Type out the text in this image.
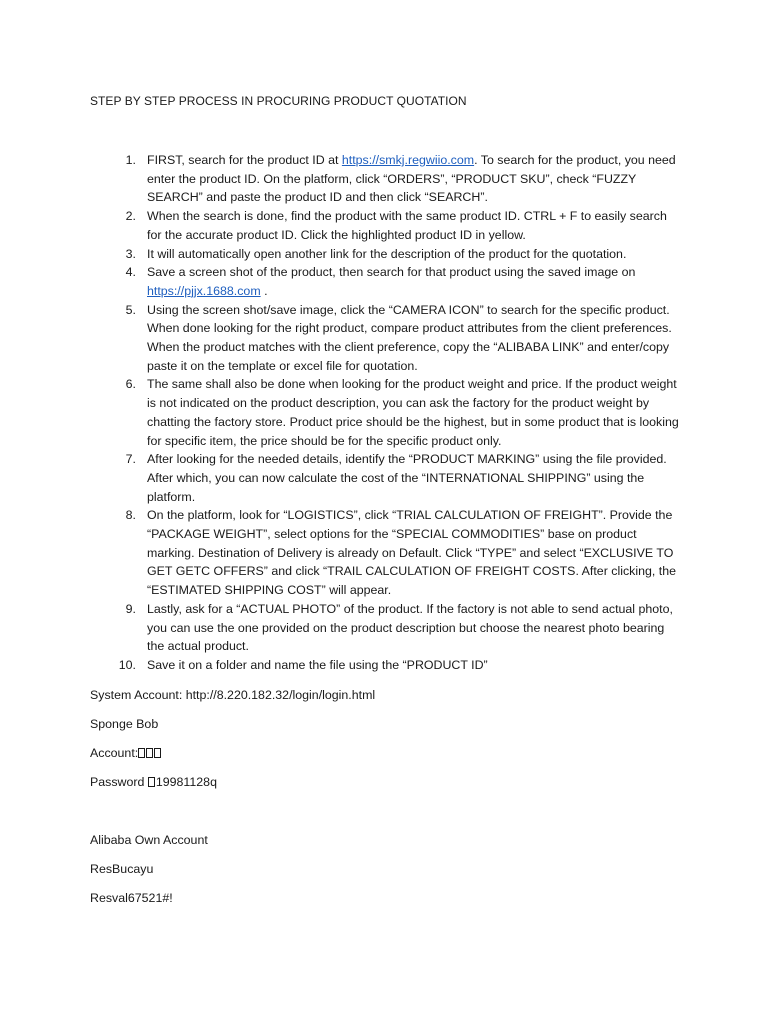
STEP BY STEP PROCESS IN PROCURING PRODUCT QUOTATION
1. FIRST, search for the product ID at https://smkj.regwiio.com. To search for the product, you need enter the product ID. On the platform, click “ORDERS”, “PRODUCT SKU”, check “FUZZY SEARCH” and paste the product ID and then click “SEARCH”.
2. When the search is done, find the product with the same product ID. CTRL + F to easily search for the accurate product ID. Click the highlighted product ID in yellow.
3. It will automatically open another link for the description of the product for the quotation.
4. Save a screen shot of the product, then search for that product using the saved image on https://pjjx.1688.com .
5. Using the screen shot/save image, click the “CAMERA ICON” to search for the specific product. When done looking for the right product, compare product attributes from the client preferences. When the product matches with the client preference, copy the “ALIBABA LINK” and enter/copy paste it on the template or excel file for quotation.
6. The same shall also be done when looking for the product weight and price. If the product weight is not indicated on the product description, you can ask the factory for the product weight by chatting the factory store. Product price should be the highest, but in some product that is looking for specific item, the price should be for the specific product only.
7. After looking for the needed details, identify the “PRODUCT MARKING” using the file provided. After which, you can now calculate the cost of the “INTERNATIONAL SHIPPING” using the platform.
8. On the platform, look for “LOGISTICS”, click “TRIAL CALCULATION OF FREIGHT”. Provide the “PACKAGE WEIGHT”, select options for the “SPECIAL COMMODITIES” base on product marking. Destination of Delivery is already on Default. Click “TYPE” and select “EXCLUSIVE TO GET GETC OFFERS” and click “TRAIL CALCULATION OF FREIGHT COSTS. After clicking, the “ESTIMATED SHIPPING COST” will appear.
9. Lastly, ask for a “ACTUAL PHOTO” of the product. If the factory is not able to send actual photo, you can use the one provided on the product description but choose the nearest photo bearing the actual product.
10. Save it on a folder and name the file using the “PRODUCT ID”
System Account: http://8.220.182.32/login/login.html
Sponge Bob
Account:
Password 19981128q
Alibaba Own Account
ResBucayu
Resval67521#!
